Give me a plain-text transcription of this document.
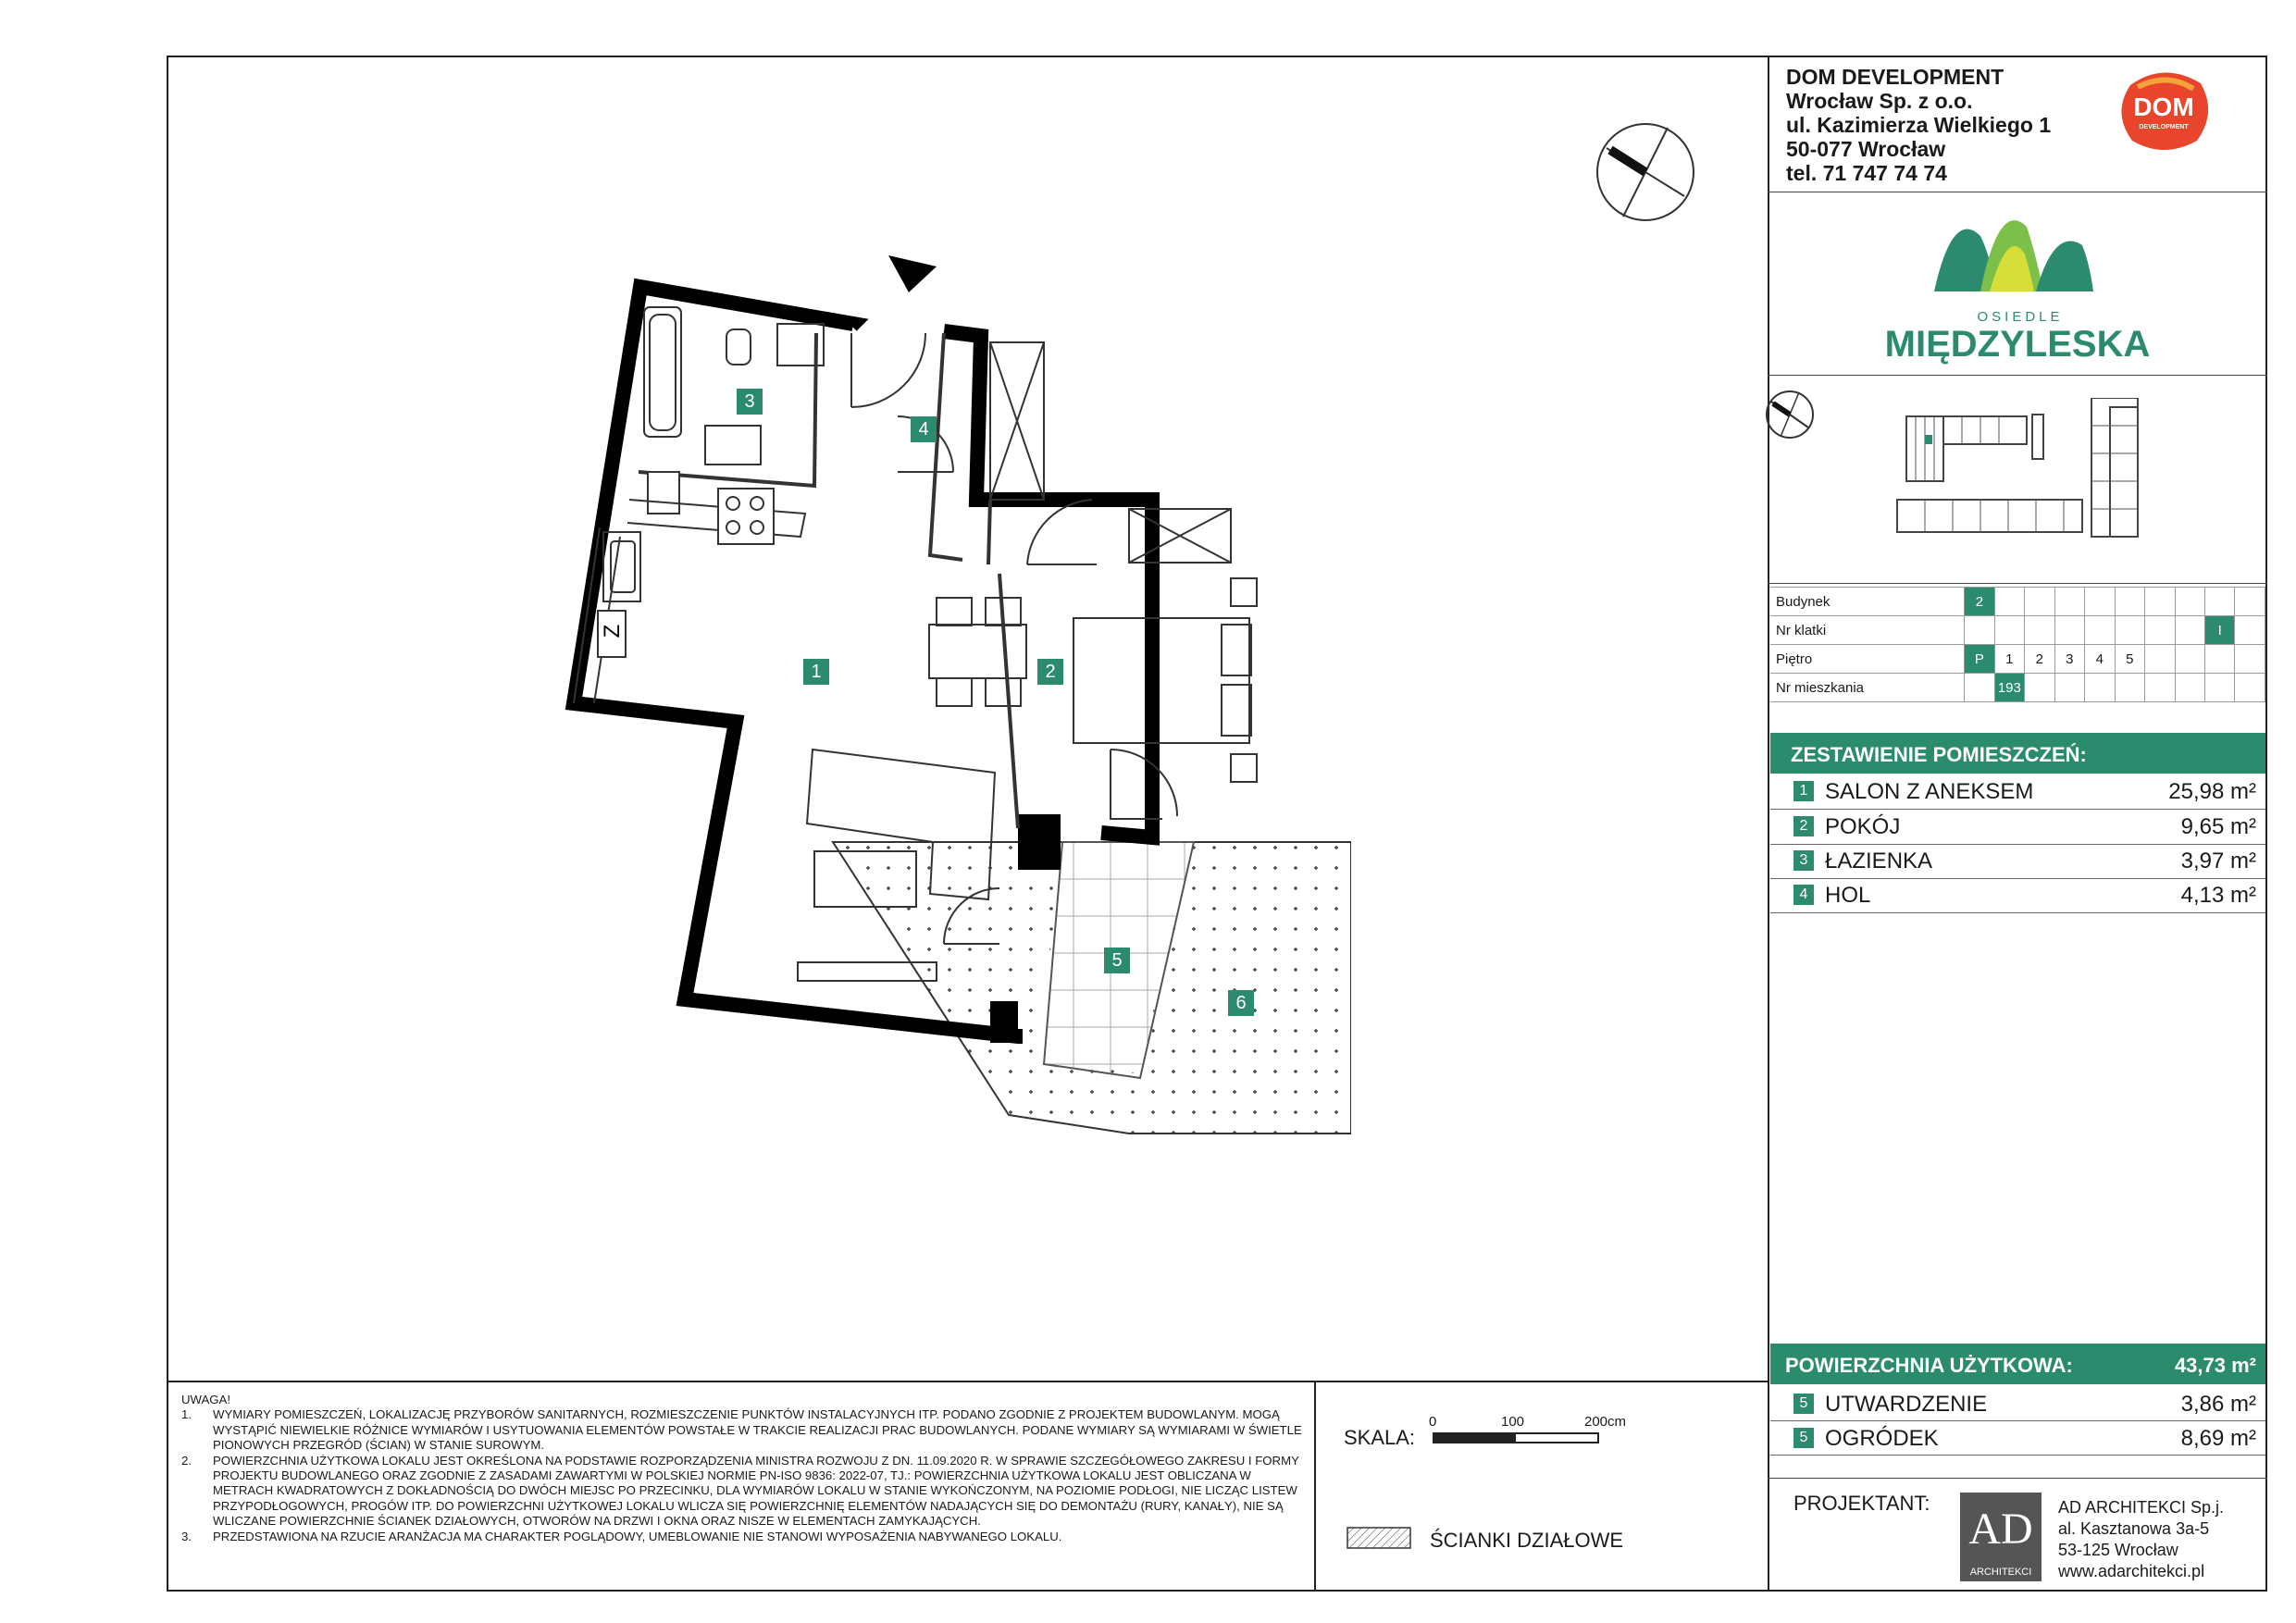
DOM DEVELOPMENT
Wrocław Sp. z o.o.
ul. Kazimierza Wielkiego 1
50-077 Wrocław
tel. 71 747 74 74
DOM
DEVELOPMENT
OSIEDLE
MIĘDZYLESKA
Budynek	2									
Nr klatki									I	
Piętro	P	1	2	3	4	5				
Nr mieszkania		193								
ZESTAWIENIE POMIESZCZEŃ:
1 SALON Z ANEKSEM	25,98 m²
2 POKÓJ	9,65 m²
3 ŁAZIENKA	3,97 m²
4 HOL	4,13 m²
POWIERZCHNIA UŻYTKOWA:	43,73 m²
5 UTWARDZENIE	3,86 m²
5 OGRÓDEK	8,69 m²
PROJEKTANT:
AD
ARCHITEKCI
AD ARCHITEKCI Sp.j.
al. Kasztanowa 3a-5
53-125 Wrocław
www.adarchitekci.pl
UWAGA!
1.	WYMIARY POMIESZCZEŃ, LOKALIZACJĘ PRZYBORÓW SANITARNYCH, ROZMIESZCZENIE PUNKTÓW INSTALACYJNYCH ITP. PODANO ZGODNIE Z PROJEKTEM BUDOWLANYM. MOGĄ WYSTĄPIĆ NIEWIELKIE RÓŻNICE WYMIARÓW I USYTUOWANIA ELEMENTÓW POWSTAŁE W TRAKCIE REALIZACJI PRAC BUDOWLANYCH. PODANE WYMIARY SĄ WYMIARAMI W ŚWIETLE PIONOWYCH PRZEGRÓD (ŚCIAN) W STANIE SUROWYM.
2.	POWIERZCHNIA UŻYTKOWA LOKALU JEST OKREŚLONA NA PODSTAWIE ROZPORZĄDZENIA MINISTRA ROZWOJU Z DN. 11.09.2020 R. W SPRAWIE SZCZEGÓŁOWEGO ZAKRESU I FORMY PROJEKTU BUDOWLANEGO ORAZ ZGODNIE Z ZASADAMI ZAWARTYMI W POLSKIEJ NORMIE PN-ISO 9836: 2022-07, TJ.: POWIERZCHNIA UŻYTKOWA LOKALU JEST OBLICZANA W METRACH KWADRATOWYCH Z DOKŁADNOŚCIĄ DO DWÓCH MIEJSC PO PRZECINKU, DLA WYMIARÓW LOKALU W STANIE WYKOŃCZONYM, NA POZIOMIE PODŁOGI, NIE LICZĄC LISTEW PRZYPODŁOGOWYCH, PROGÓW ITP. DO POWIERZCHNI UŻYTKOWEJ LOKALU WLICZA SIĘ POWIERZCHNIĘ ELEMENTÓW NADAJĄCYCH SIĘ DO DEMONTAŻU (RURY, KANAŁY), NIE SĄ WLICZANE POWIERZCHNIE ŚCIANEK DZIAŁOWYCH, OTWORÓW NA DRZWI I OKNA ORAZ NISZE W ELEMENTACH ZAMYKAJĄCYCH.
3.	PRZEDSTAWIONA NA RZUCIE ARANŻACJA MA CHARAKTER POGLĄDOWY, UMEBLOWANIE NIE STANOWI WYPOSAŻENIA NABYWANEGO LOKALU.
SKALA:
0	100	200cm
ŚCIANKI DZIAŁOWE
Z
1	2
3
4
5
6
